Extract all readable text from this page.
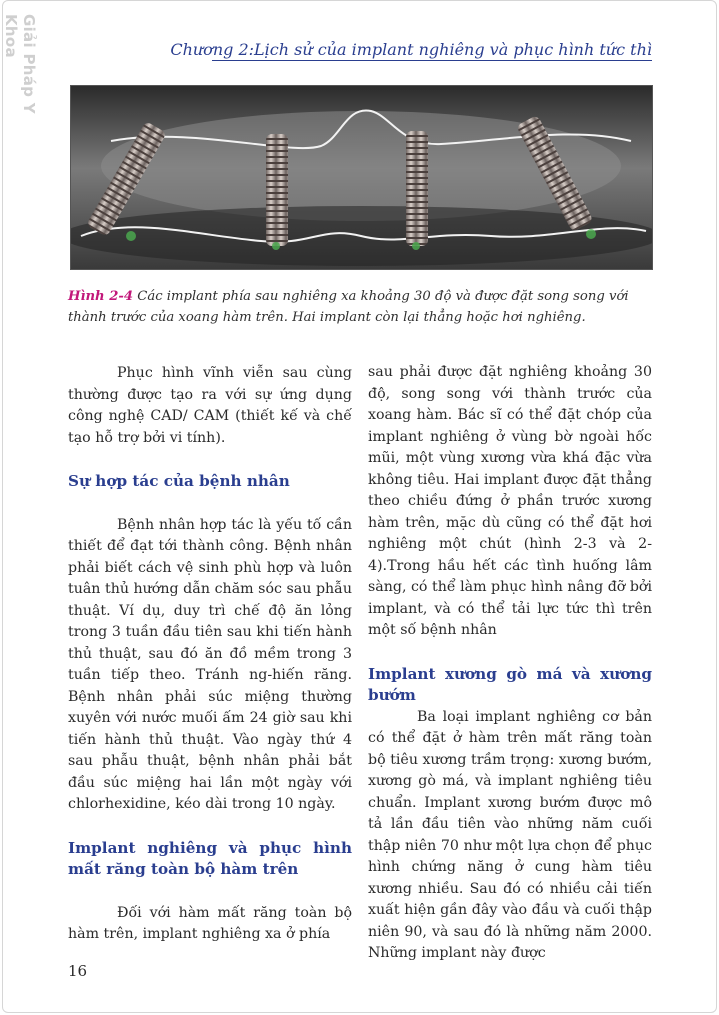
Giải Pháp Y Khoa	Chương 2:Lịch sử của implant nghiêng và phục hình tức thì
Hình 2-4 Các implant phía sau nghiêng xa khoảng 30 độ và được đặt song song với thành trước của xoang hàm trên. Hai implant còn lại thẳng hoặc hơi nghiêng.

Phục hình vĩnh viễn sau cùng thường được tạo ra với sự ứng dụng công nghệ CAD/ CAM (thiết kế và chế tạo hỗ trợ bởi vi tính).

Sự hợp tác của bệnh nhân

Bệnh nhân hợp tác là yếu tố cần thiết để đạt tới thành công. Bệnh nhân phải biết cách vệ sinh phù hợp và luôn tuân thủ hướng dẫn chăm sóc sau phẫu thuật. Ví dụ, duy trì chế độ ăn lỏng trong 3 tuần đầu tiên sau khi tiến hành thủ thuật, sau đó ăn đồ mềm trong 3 tuần tiếp theo. Tránh ng-hiến răng. Bệnh nhân phải súc miệng thường xuyên với nước muối ấm 24 giờ sau khi tiến hành thủ thuật. Vào ngày thứ 4 sau phẫu thuật, bệnh nhân phải bắt đầu súc miệng hai lần một ngày với chlorhexidine, kéo dài trong 10 ngày.

Implant nghiêng và phục hình mất răng toàn bộ hàm trên

Đối với hàm mất răng toàn bộ hàm trên, implant nghiêng xa ở phía

sau phải được đặt nghiêng khoảng 30 độ, song song với thành trước của xoang hàm. Bác sĩ có thể đặt chóp của implant nghiêng ở vùng bờ ngoài hốc mũi, một vùng xương vừa khá đặc vừa không tiêu. Hai implant được đặt thẳng theo chiều đứng ở phần trước xương hàm trên, mặc dù cũng có thể đặt hơi nghiêng một chút (hình 2-3 và 2-4).Trong hầu hết các tình huống lâm sàng, có thể làm phục hình nâng đỡ bởi implant, và có thể tải lực tức thì trên một số bệnh nhân

Implant xương gò má và xương bướm

Ba loại implant nghiêng cơ bản có thể đặt ở hàm trên mất răng toàn bộ tiêu xương trầm trọng: xương bướm, xương gò má, và implant nghiêng tiêu chuẩn. Implant xương bướm được mô tả lần đầu tiên vào những năm cuối thập niên 70 như một lựa chọn để phục hình chứng năng ở cung hàm tiêu xương nhiều. Sau đó có nhiều cải tiến xuất hiện gần đây vào đầu và cuối thập niên 90, và sau đó là những năm 2000. Những implant này được

16
